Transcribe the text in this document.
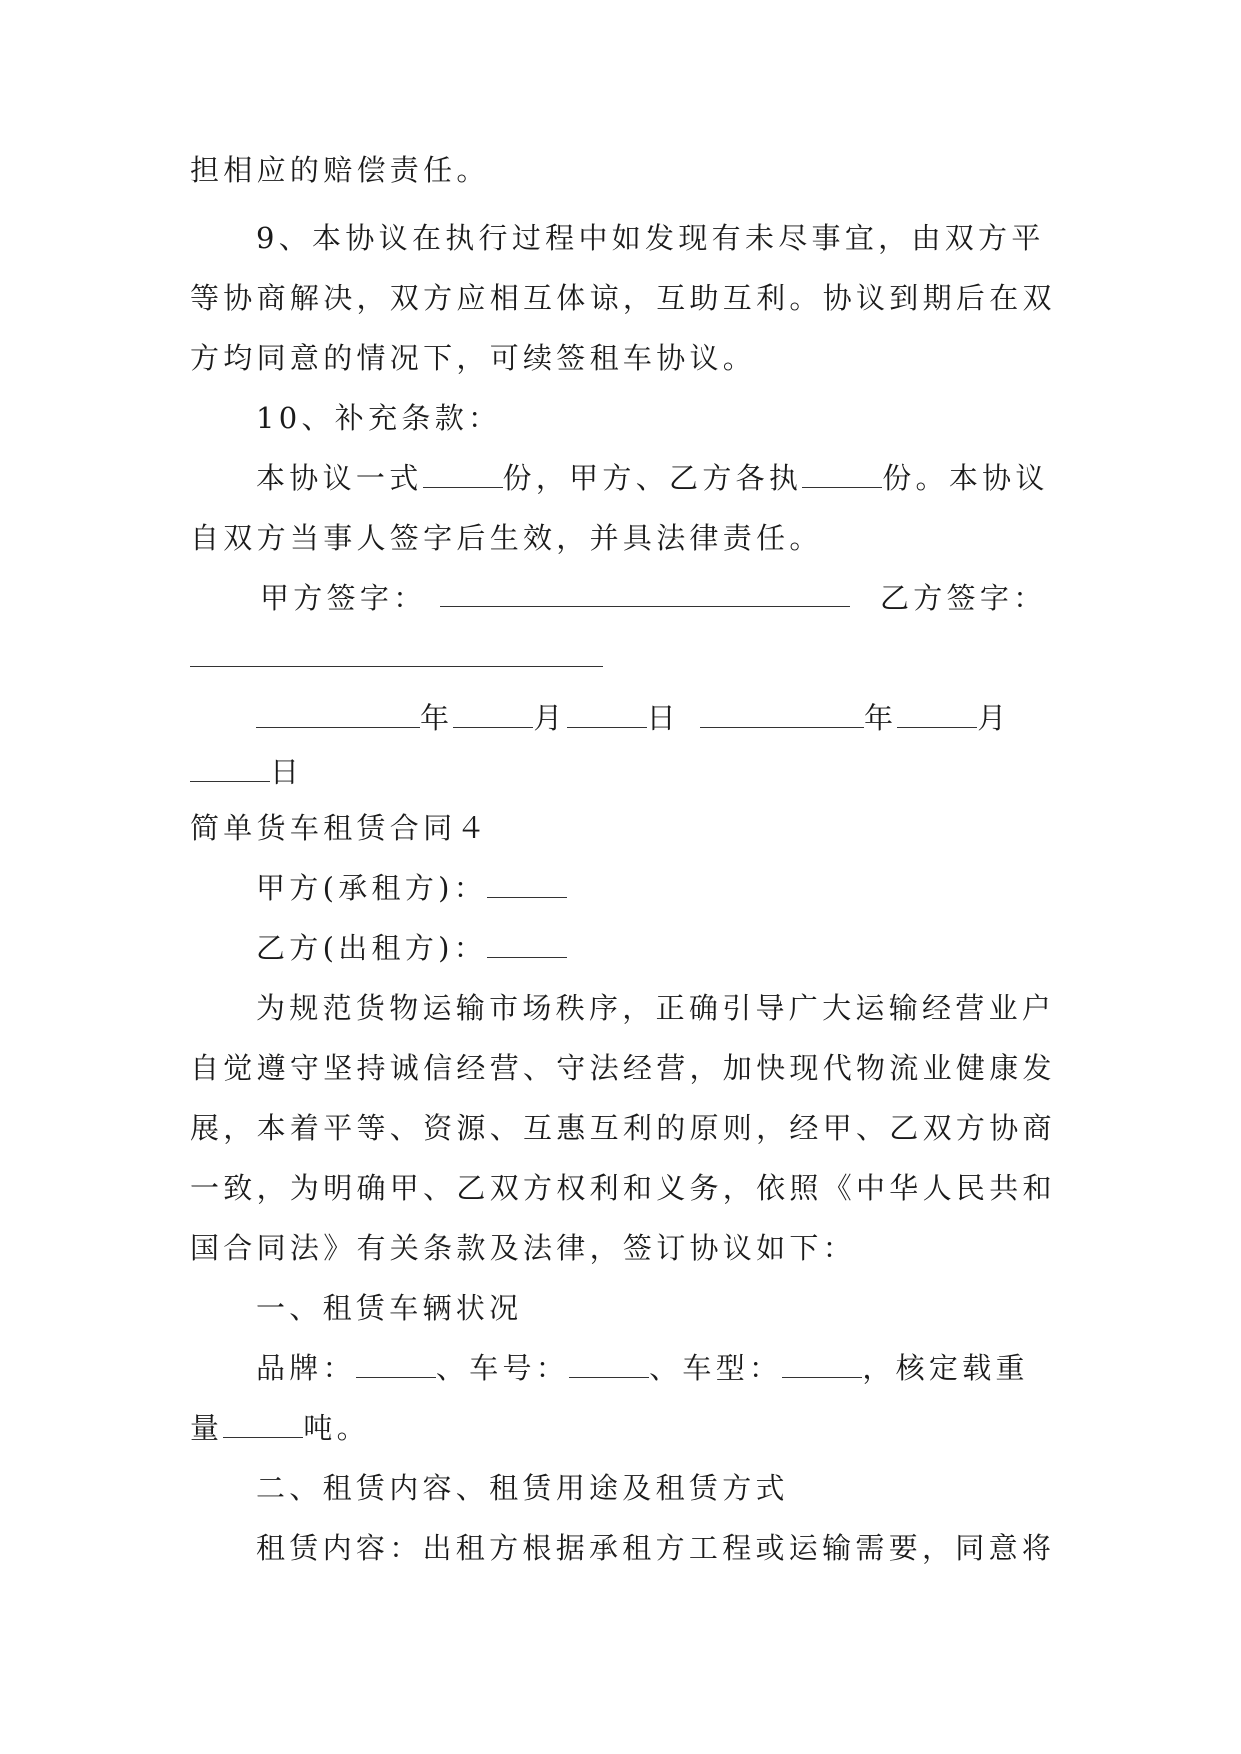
担相应的赔偿责任。
9、本协议在执行过程中如发现有未尽事宜，由双方平
等协商解决，双方应相互体谅，互助互利。协议到期后在双
方均同意的情况下，可续签租车协议。
10、补充条款：
本协议一式	份，甲方、乙方各执	份。本协议
自双方当事人签字后生效，并具法律责任。
甲方签字：	乙方签字：
年	月	日	年	月
日
简单货车租赁合同４
甲方(承租方)：
乙方(出租方)：
为规范货物运输市场秩序，正确引导广大运输经营业户
自觉遵守坚持诚信经营、守法经营，加快现代物流业健康发
展，本着平等、资源、互惠互利的原则，经甲、乙双方协商
一致，为明确甲、乙双方权利和义务，依照《中华人民共和
国合同法》有关条款及法律，签订协议如下：
一、租赁车辆状况
品牌：	、车号：	、车型：	，核定载重
量	吨。
二、租赁内容、租赁用途及租赁方式
租赁内容：出租方根据承租方工程或运输需要，同意将
